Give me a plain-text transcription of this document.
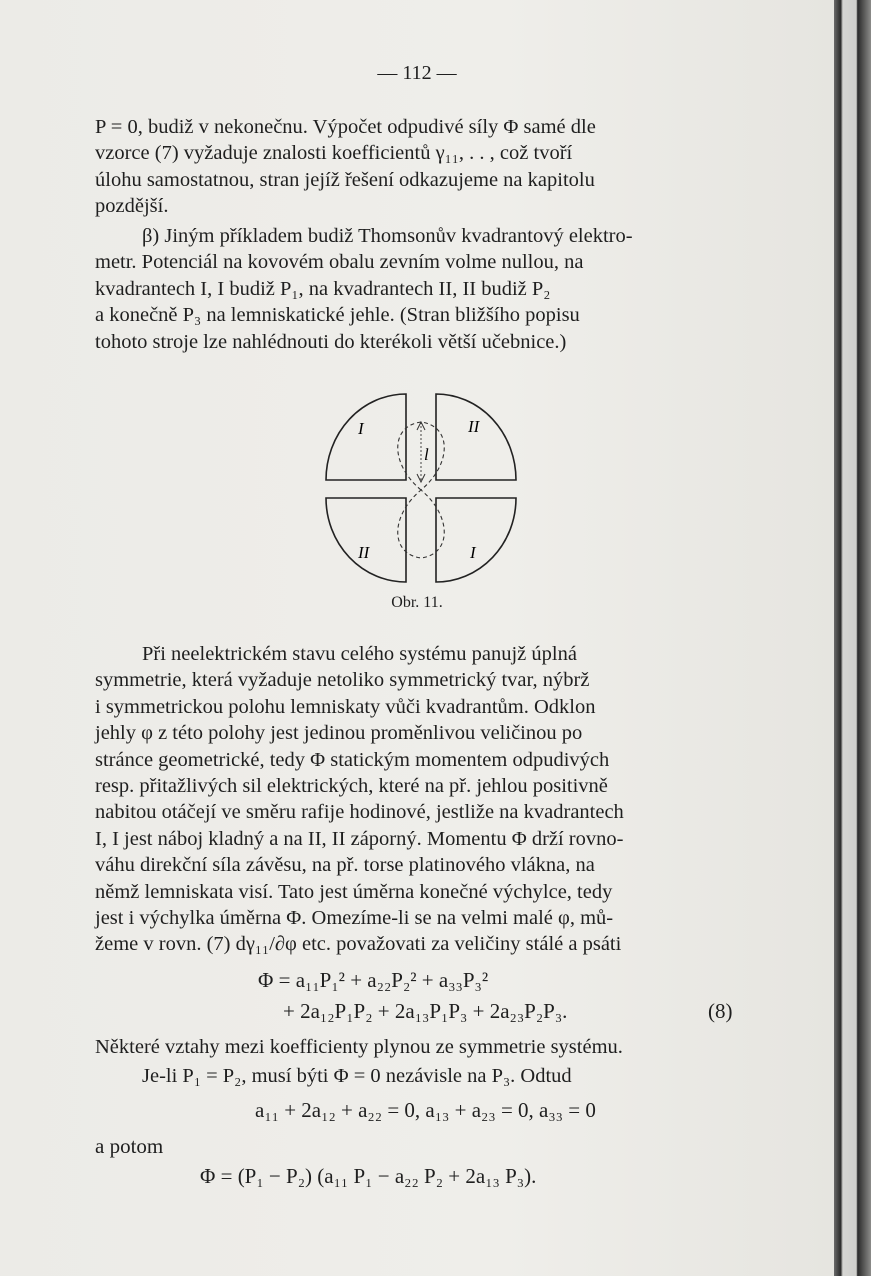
— 112 —
P = 0, budiž v nekonečnu. Výpočet odpudivé síly Φ samé dle
vzorce (7) vyžaduje znalosti koefficientů γ₁₁, . . , což tvoří
úlohu samostatnou, stran jejíž řešení odkazujeme na kapitolu
pozdější.
β) Jiným příkladem budiž Thomsonův kvadrantový elektro-
metr. Potenciál na kovovém obalu zevním volme nullou, na
kvadrantech I, I budiž P₁, na kvadrantech II, II budiž P₂
a konečně P₃ na lemniskatické jehle. (Stran bližšího popisu
tohoto stroje lze nahlédnouti do kterékoli větší učebnice.)
I	II
II	I
l
Obr. 11.
Při neelektrickém stavu celého systému panujž úplná
symmetrie, která vyžaduje netoliko symmetrický tvar, nýbrž
i symmetrickou polohu lemniskaty vůči kvadrantům. Odklon
jehly φ z této polohy jest jedinou proměnlivou veličinou po
stránce geometrické, tedy Φ statickým momentem odpudivých
resp. přitažlivých sil elektrických, které na př. jehlou positivně
nabitou otáčejí ve směru rafije hodinové, jestliže na kvadrantech
I, I jest náboj kladný a na II, II záporný. Momentu Φ drží rovno-
váhu direkční síla závěsu, na př. torse platinového vlákna, na
němž lemniskata visí. Tato jest úměrna konečné výchylce, tedy
jest i výchylka úměrna Φ. Omezíme-li se na velmi malé φ, mů-
žeme v rovn. (7) dγ₁₁/∂φ etc. považovati za veličiny stálé a psáti
Φ = a₁₁P₁² + a₂₂P₂² + a₃₃P₃²
+ 2a₁₂P₁P₂ + 2a₁₃P₁P₃ + 2a₂₃P₂P₃.	(8)
Některé vztahy mezi koefficienty plynou ze symmetrie systému.
Je-li P₁ = P₂, musí býti Φ = 0 nezávisle na P₃. Odtud
a₁₁ + 2a₁₂ + a₂₂ = 0, a₁₃ + a₂₃ = 0, a₃₃ = 0
a potom
Φ = (P₁ − P₂) (a₁₁ P₁ − a₂₂ P₂ + 2a₁₃ P₃).
